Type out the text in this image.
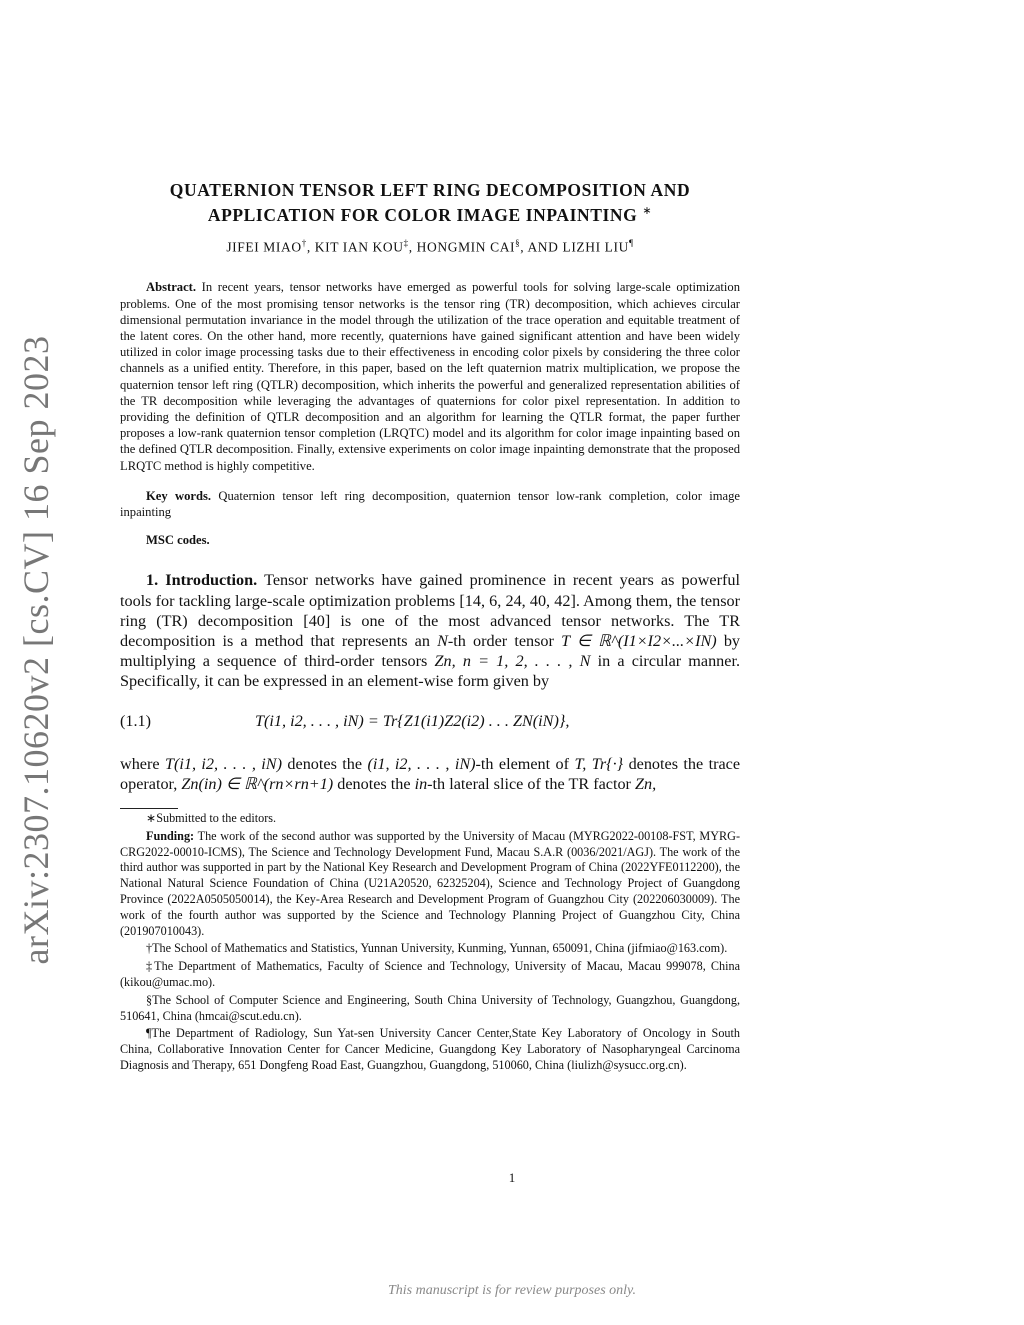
arXiv:2307.10620v2 [cs.CV] 16 Sep 2023
QUATERNION TENSOR LEFT RING DECOMPOSITION AND
APPLICATION FOR COLOR IMAGE INPAINTING ∗
JIFEI MIAO†, KIT IAN KOU‡, HONGMIN CAI§, AND LIZHI LIU¶
Abstract. In recent years, tensor networks have emerged as powerful tools for solving large-scale optimization problems. One of the most promising tensor networks is the tensor ring (TR) decomposition, which achieves circular dimensional permutation invariance in the model through the utilization of the trace operation and equitable treatment of the latent cores. On the other hand, more recently, quaternions have gained significant attention and have been widely utilized in color image processing tasks due to their effectiveness in encoding color pixels by considering the three color channels as a unified entity. Therefore, in this paper, based on the left quaternion matrix multiplication, we propose the quaternion tensor left ring (QTLR) decomposition, which inherits the powerful and generalized representation abilities of the TR decomposition while leveraging the advantages of quaternions for color pixel representation. In addition to providing the definition of QTLR decomposition and an algorithm for learning the QTLR format, the paper further proposes a low-rank quaternion tensor completion (LRQTC) model and its algorithm for color image inpainting based on the defined QTLR decomposition. Finally, extensive experiments on color image inpainting demonstrate that the proposed LRQTC method is highly competitive.
Key words. Quaternion tensor left ring decomposition, quaternion tensor low-rank completion, color image inpainting
MSC codes.
1. Introduction. Tensor networks have gained prominence in recent years as powerful tools for tackling large-scale optimization problems [14, 6, 24, 40, 42]. Among them, the tensor ring (TR) decomposition [40] is one of the most advanced tensor networks. The TR decomposition is a method that represents an N-th order tensor T ∈ ℝ^(I1×I2×...×IN) by multiplying a sequence of third-order tensors Zn, n = 1, 2, . . . , N in a circular manner. Specifically, it can be expressed in an element-wise form given by
(1.1)	T(i1, i2, . . . , iN) = Tr{Z1(i1)Z2(i2) . . . ZN(iN)},
where T(i1, i2, . . . , iN) denotes the (i1, i2, . . . , iN)-th element of T, Tr{·} denotes the trace operator, Zn(in) ∈ ℝ^(rn×rn+1) denotes the in-th lateral slice of the TR factor Zn,
∗Submitted to the editors.
Funding: The work of the second author was supported by the University of Macau (MYRG2022-00108-FST, MYRG-CRG2022-00010-ICMS), The Science and Technology Development Fund, Macau S.A.R (0036/2021/AGJ). The work of the third author was supported in part by the National Key Research and Development Program of China (2022YFE0112200), the National Natural Science Foundation of China (U21A20520, 62325204), Science and Technology Project of Guangdong Province (2022A0505050014), the Key-Area Research and Development Program of Guangzhou City (202206030009). The work of the fourth author was supported by the Science and Technology Planning Project of Guangzhou City, China (201907010043).
†The School of Mathematics and Statistics, Yunnan University, Kunming, Yunnan, 650091, China (jifmiao@163.com).
‡The Department of Mathematics, Faculty of Science and Technology, University of Macau, Macau 999078, China (kikou@umac.mo).
§The School of Computer Science and Engineering, South China University of Technology, Guangzhou, Guangdong, 510641, China (hmcai@scut.edu.cn).
¶The Department of Radiology, Sun Yat-sen University Cancer Center,State Key Laboratory of Oncology in South China, Collaborative Innovation Center for Cancer Medicine, Guangdong Key Laboratory of Nasopharyngeal Carcinoma Diagnosis and Therapy, 651 Dongfeng Road East, Guangzhou, Guangdong, 510060, China (liulizh@sysucc.org.cn).
1
This manuscript is for review purposes only.
